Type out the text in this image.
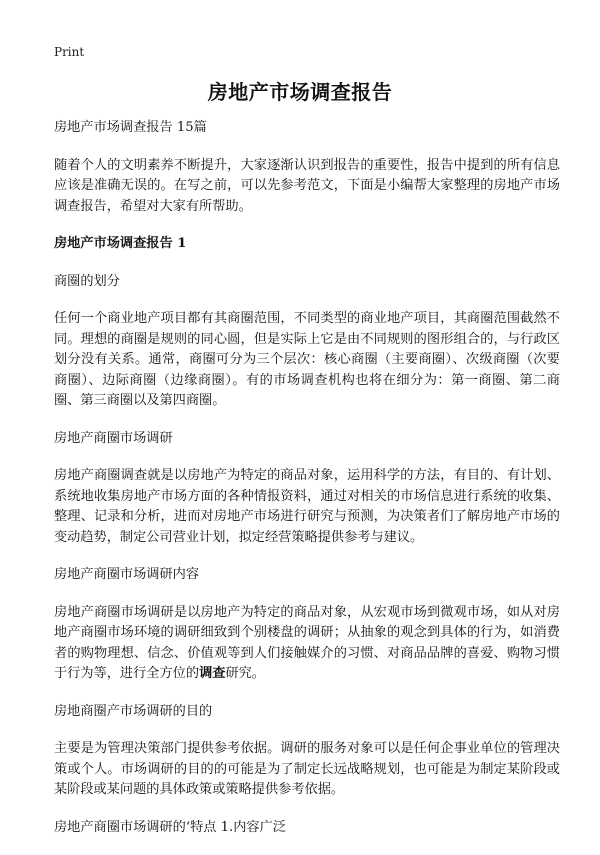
Print
房地产市场调查报告

房地产市场调查报告 15篇

随着个人的文明素养不断提升，大家逐渐认识到报告的重要性，报告中提到的所有信息应该是准确无误的。在写之前，可以先参考范文，下面是小编帮大家整理的房地产市场调查报告，希望对大家有所帮助。

房地产市场调查报告 1

商圈的划分

任何一个商业地产项目都有其商圈范围，不同类型的商业地产项目，其商圈范围截然不同。理想的商圈是规则的同心圆，但是实际上它是由不同规则的图形组合的，与行政区划分没有关系。通常，商圈可分为三个层次：核心商圈（主要商圈）、次级商圈（次要商圈）、边际商圈（边缘商圈）。有的市场调查机构也将在细分为：第一商圈、第二商圈、第三商圈以及第四商圈。

房地产商圈市场调研

房地产商圈调查就是以房地产为特定的商品对象，运用科学的方法，有目的、有计划、系统地收集房地产市场方面的各种情报资料，通过对相关的市场信息进行系统的收集、整理、记录和分析，进而对房地产市场进行研究与预测，为决策者们了解房地产市场的变动趋势，制定公司营业计划，拟定经营策略提供参考与建议。

房地产商圈市场调研内容

房地产商圈市场调研是以房地产为特定的商品对象，从宏观市场到微观市场，如从对房地产商圈市场环境的调研细致到个别楼盘的调研；从抽象的观念到具体的行为，如消费者的购物理想、信念、价值观等到人们接触媒介的习惯、对商品品牌的喜爱、购物习惯于行为等，进行全方位的调查研究。

房地商圈产市场调研的目的

主要是为管理决策部门提供参考依据。调研的服务对象可以是任何企事业单位的管理决策或个人。市场调研的目的的可能是为了制定长远战略规划，也可能是为制定某阶段或某阶段或某问题的具体政策或策略提供参考依据。

房地产商圈市场调研的‘特点 1.内容广泛
